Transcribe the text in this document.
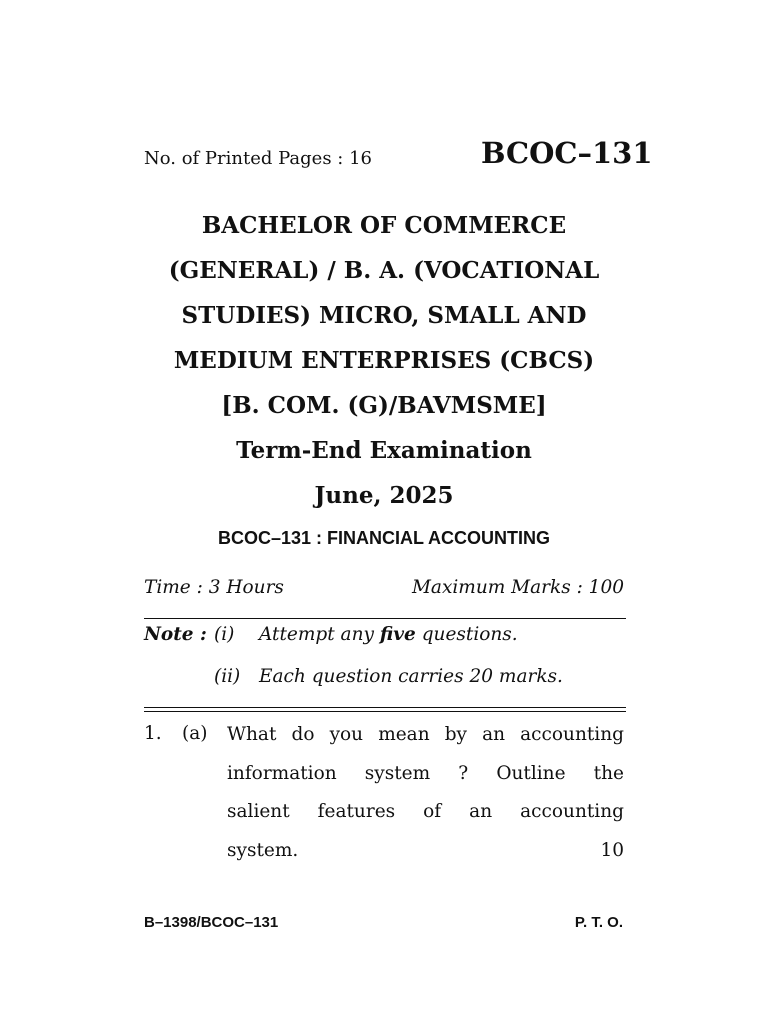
No. of Printed Pages : 16	BCOC–131
BACHELOR OF COMMERCE
(GENERAL) / B. A. (VOCATIONAL
STUDIES) MICRO, SMALL AND
MEDIUM ENTERPRISES (CBCS)
[B. COM. (G)/BAVMSME]
Term-End Examination
June, 2025
BCOC–131 : FINANCIAL ACCOUNTING
Time : 3 Hours	Maximum Marks : 100
Note : (i) Attempt any five questions.
(ii) Each question carries 20 marks.
1. (a) What do you mean by an accounting
information system ? Outline the
salient features of an accounting
system.	10
B–1398/BCOC–131	P. T. O.
